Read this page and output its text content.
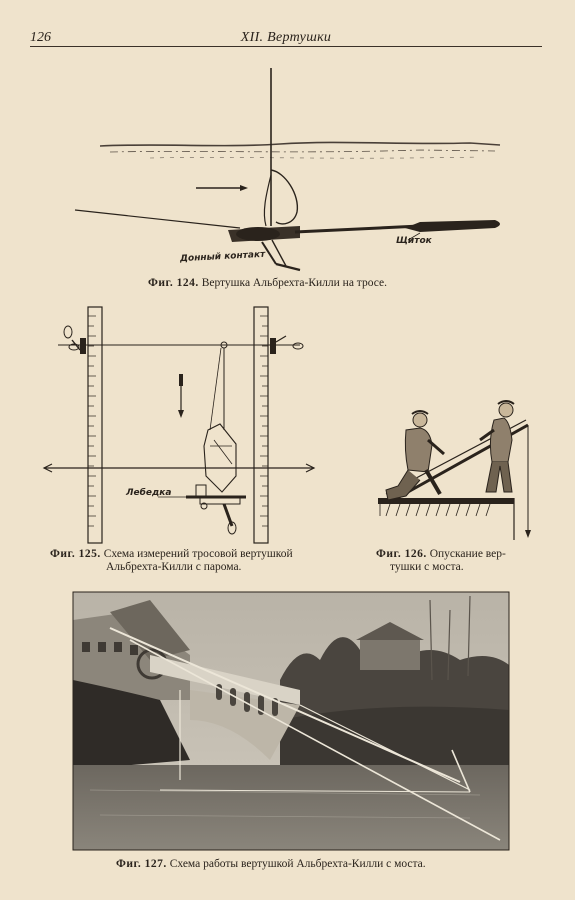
126	XII. Вертушки
Донный контакт
Щиток
Фиг. 124. Вертушка Альбрехта-Килли на тросе.
Лебедка
Фиг. 125. Схема измерений тросовой вертушкой
Альбрехта-Килли с парома.
Фиг. 126. Опускание вер-
тушки с моста.
Фиг. 127. Схема работы вертушкой Альбрехта-Килли с моста.
